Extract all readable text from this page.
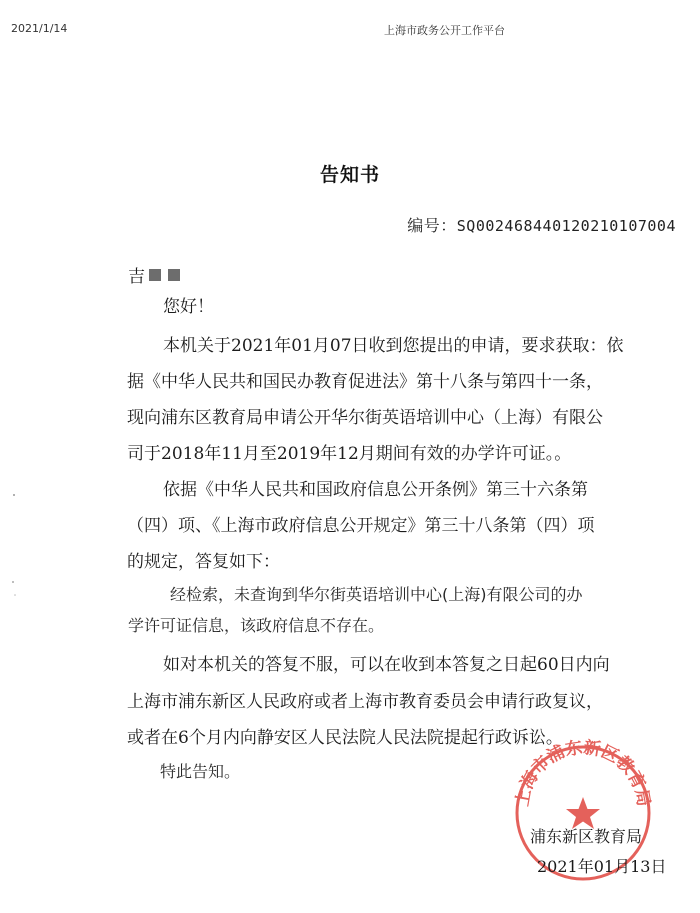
2021/1/14	上海市政务公开工作平台
告知书
编号：SQ00246844012021010700​4
吉
您好！
本机关于2021年01月07日收到您提出的申请，要求获取：依
据《中华人民共和国民办教育促进法》第十八条与第四十一条，
现向浦东区教育局申请公开华尔街英语培训中心（上海）有限公
司于2018年11月至2019年12月期间有效的办学许可证。。
依据《中华人民共和国政府信息公开条例》第三十六条第
（四）项、《上海市政府信息公开规定》第三十八条第（四）项
的规定，答复如下：
经检索，未查询到华尔街英语培训中心(上海)有限公司的办
学许可证信息，该政府信息不存在。
如对本机关的答复不服，可以在收到本答复之日起60日内向
上海市浦东新区人民政府或者上海市教育委员会申请行政复议，
或者在6个月内向静安区人民法院人民法院提起行政诉讼。
特此告知。
上海市浦东新区教育局
浦东新区教育局
2021年01月13日
